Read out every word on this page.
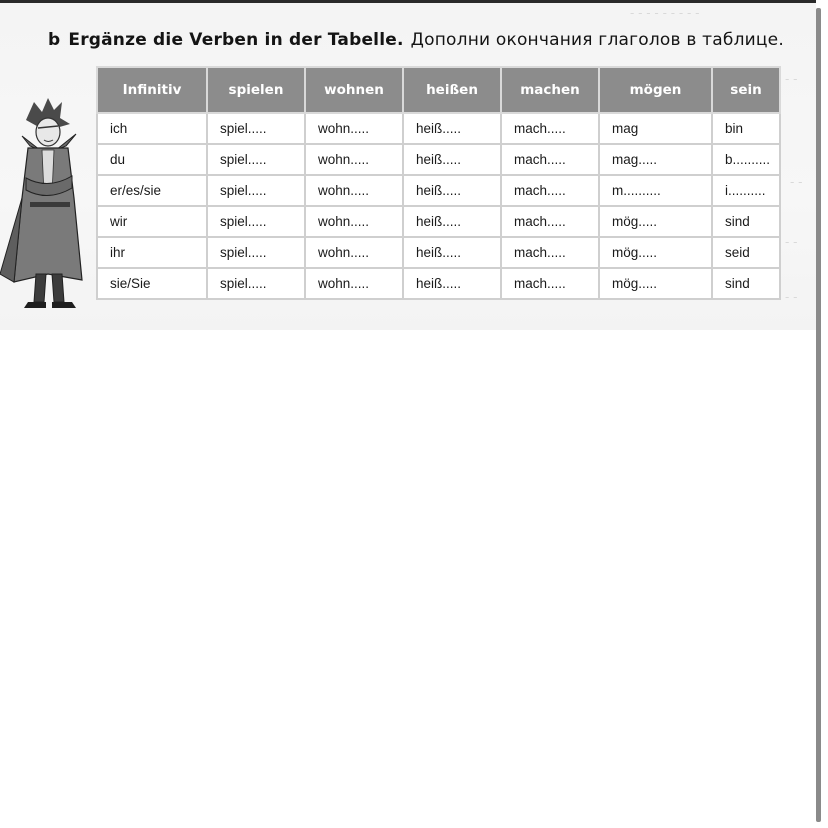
- - - - - - - - -
- -
- -
- -
- -
b Ergänze die Verben in der Tabelle. Дополни окончания глаголов в таблице.
Infinitiv	spielen	wohnen	heißen	machen	mögen	sein
ich	spiel.....	wohn.....	heiß.....	mach.....	mag	bin
du	spiel.....	wohn.....	heiß.....	mach.....	mag.....	b..........
er/es/sie	spiel.....	wohn.....	heiß.....	mach.....	m..........	i..........
wir	spiel.....	wohn.....	heiß.....	mach.....	mög.....	sind
ihr	spiel.....	wohn.....	heiß.....	mach.....	mög.....	seid
sie/Sie	spiel.....	wohn.....	heiß.....	mach.....	mög.....	sind
